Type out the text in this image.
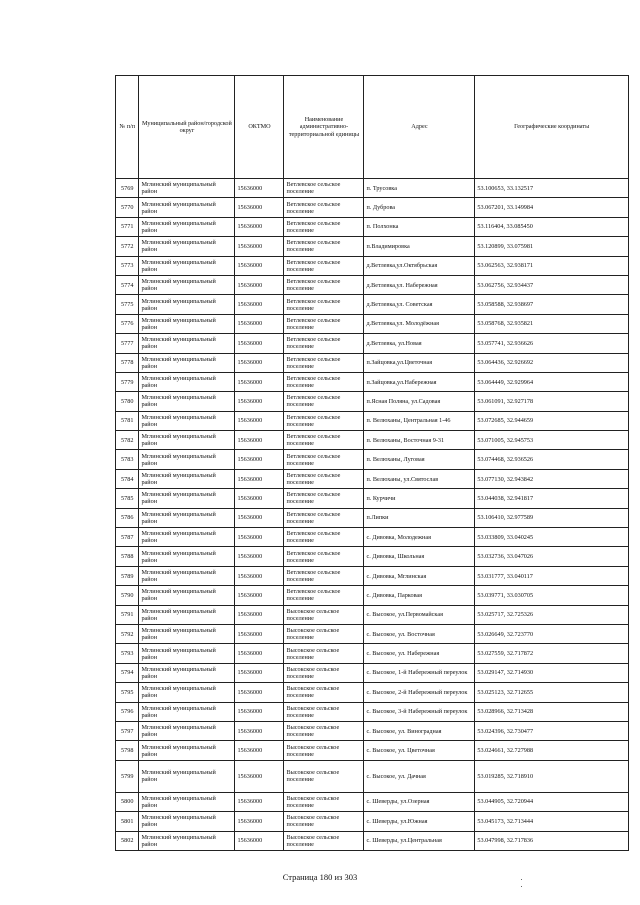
№ п/п	Муниципальный район/городской округ	ОКТМО	Наименование административно-территориальной единицы	Адрес	Географические координаты
5769	Мглинский муниципальный район	15636000	Ветлевское сельское поселение	п. Трусовка	53.100653, 33.132517
5770	Мглинский муниципальный район	15636000	Ветлевское сельское поселение	п. Дуброва	53.067201, 33.149984
5771	Мглинский муниципальный район	15636000	Ветлевское сельское поселение	п. Полхонка	53.116404, 33.085450
5772	Мглинский муниципальный район	15636000	Ветлевское сельское поселение	п.Владимировка	53.120899, 33.075981
5773	Мглинский муниципальный район	15636000	Ветлевское сельское поселение	д.Ветлевка,ул.Октябрьская	53.062563, 32.938171
5774	Мглинский муниципальный район	15636000	Ветлевское сельское поселение	д.Ветлевка,ул. Набережная	53.062756, 32.934437
5775	Мглинский муниципальный район	15636000	Ветлевское сельское поселение	д.Ветлевка,ул. Советская	53.058588, 32.938697
5776	Мглинский муниципальный район	15636000	Ветлевское сельское поселение	д.Ветлевка,ул. Молодёжная	53.058768, 32.935821
5777	Мглинский муниципальный район	15636000	Ветлевское сельское поселение	д.Ветлевка, ул.Новая	53.057741, 32.936626
5778	Мглинский муниципальный район	15636000	Ветлевское сельское поселение	п.Зайцовка,ул.Цветочная	53.064436, 32.926692
5779	Мглинский муниципальный район	15636000	Ветлевское сельское поселение	п.Зайцовка,ул.Набережная	53.064449, 32.929964
5780	Мглинский муниципальный район	15636000	Ветлевское сельское поселение	п.Ясная Поляна, ул.Садовая	53.061091, 32.927178
5781	Мглинский муниципальный район	15636000	Ветлевское сельское поселение	п. Велюханы, Центральная 1-46	53.072685, 32.944659
5782	Мглинский муниципальный район	15636000	Ветлевское сельское поселение	п. Велюханы, Восточная 9-31	53.071005, 32.945753
5783	Мглинский муниципальный район	15636000	Ветлевское сельское поселение	п. Велюханы, Луговая	53.074468, 32.936526
5784	Мглинский муниципальный район	15636000	Ветлевское сельское поселение	п. Велюханы, ул.Святослав	53.077130, 32.943842
5785	Мглинский муниципальный район	15636000	Ветлевское сельское поселение	п. Курчичи	53.044038, 32.941817
5786	Мглинский муниципальный район	15636000	Ветлевское сельское поселение	п.Липки	53.106410, 32.977589
5787	Мглинский муниципальный район	15636000	Ветлевское сельское поселение	с. Дивовка, Молодежная	53.033809, 33.040245
5788	Мглинский муниципальный район	15636000	Ветлевское сельское поселение	с. Дивовка, Школьная	53.032736, 33.047026
5789	Мглинский муниципальный район	15636000	Ветлевское сельское поселение	с. Дивовка, Мглинская	53.031777, 33.040117
5790	Мглинский муниципальный район	15636000	Ветлевское сельское поселение	с. Дивовка, Парковая	53.039771, 33.030705
5791	Мглинский муниципальный район	15636000	Высокское сельское поселение	с. Высокое, ул.Первомайская	53.025717, 32.725326
5792	Мглинский муниципальный район	15636000	Высокское сельское поселение	с. Высокое, ул. Восточная	53.026649, 32.723770
5793	Мглинский муниципальный район	15636000	Высокское сельское поселение	с. Высокое, ул. Набережная	53.027559, 32.717872
5794	Мглинский муниципальный район	15636000	Высокское сельское поселение	с. Высокое, 1-й Набережный переулок	53.029147, 32.714930
5795	Мглинский муниципальный район	15636000	Высокское сельское поселение	с. Высокое, 2-й Набережный переулок	53.025123, 32.712655
5796	Мглинский муниципальный район	15636000	Высокское сельское поселение	с. Высокое, 3-й Набережный переулок	53.028966, 32.713428
5797	Мглинский муниципальный район	15636000	Высокское сельское поселение	с. Высокое, ул. Виноградная	53.024396, 32.730477
5798	Мглинский муниципальный район	15636000	Высокское сельское поселение	с. Высокое, ул. Цветочная	53.024661, 32.727988
5799	Мглинский муниципальный район	15636000	Высокское сельское поселение	с. Высокое, ул. Дачная	53.019285, 32.718910
5800	Мглинский муниципальный район	15636000	Высокское сельское поселение	с. Шеверды, ул.Озерная	53.044905, 32.720944
5801	Мглинский муниципальный район	15636000	Высокское сельское поселение	с. Шеверды, ул.Южная	53.045173, 32.713444
5802	Мглинский муниципальный район	15636000	Высокское сельское поселение	с. Шеверды, ул.Центральная	53.047998, 32.717836
Страница 180 из 303
